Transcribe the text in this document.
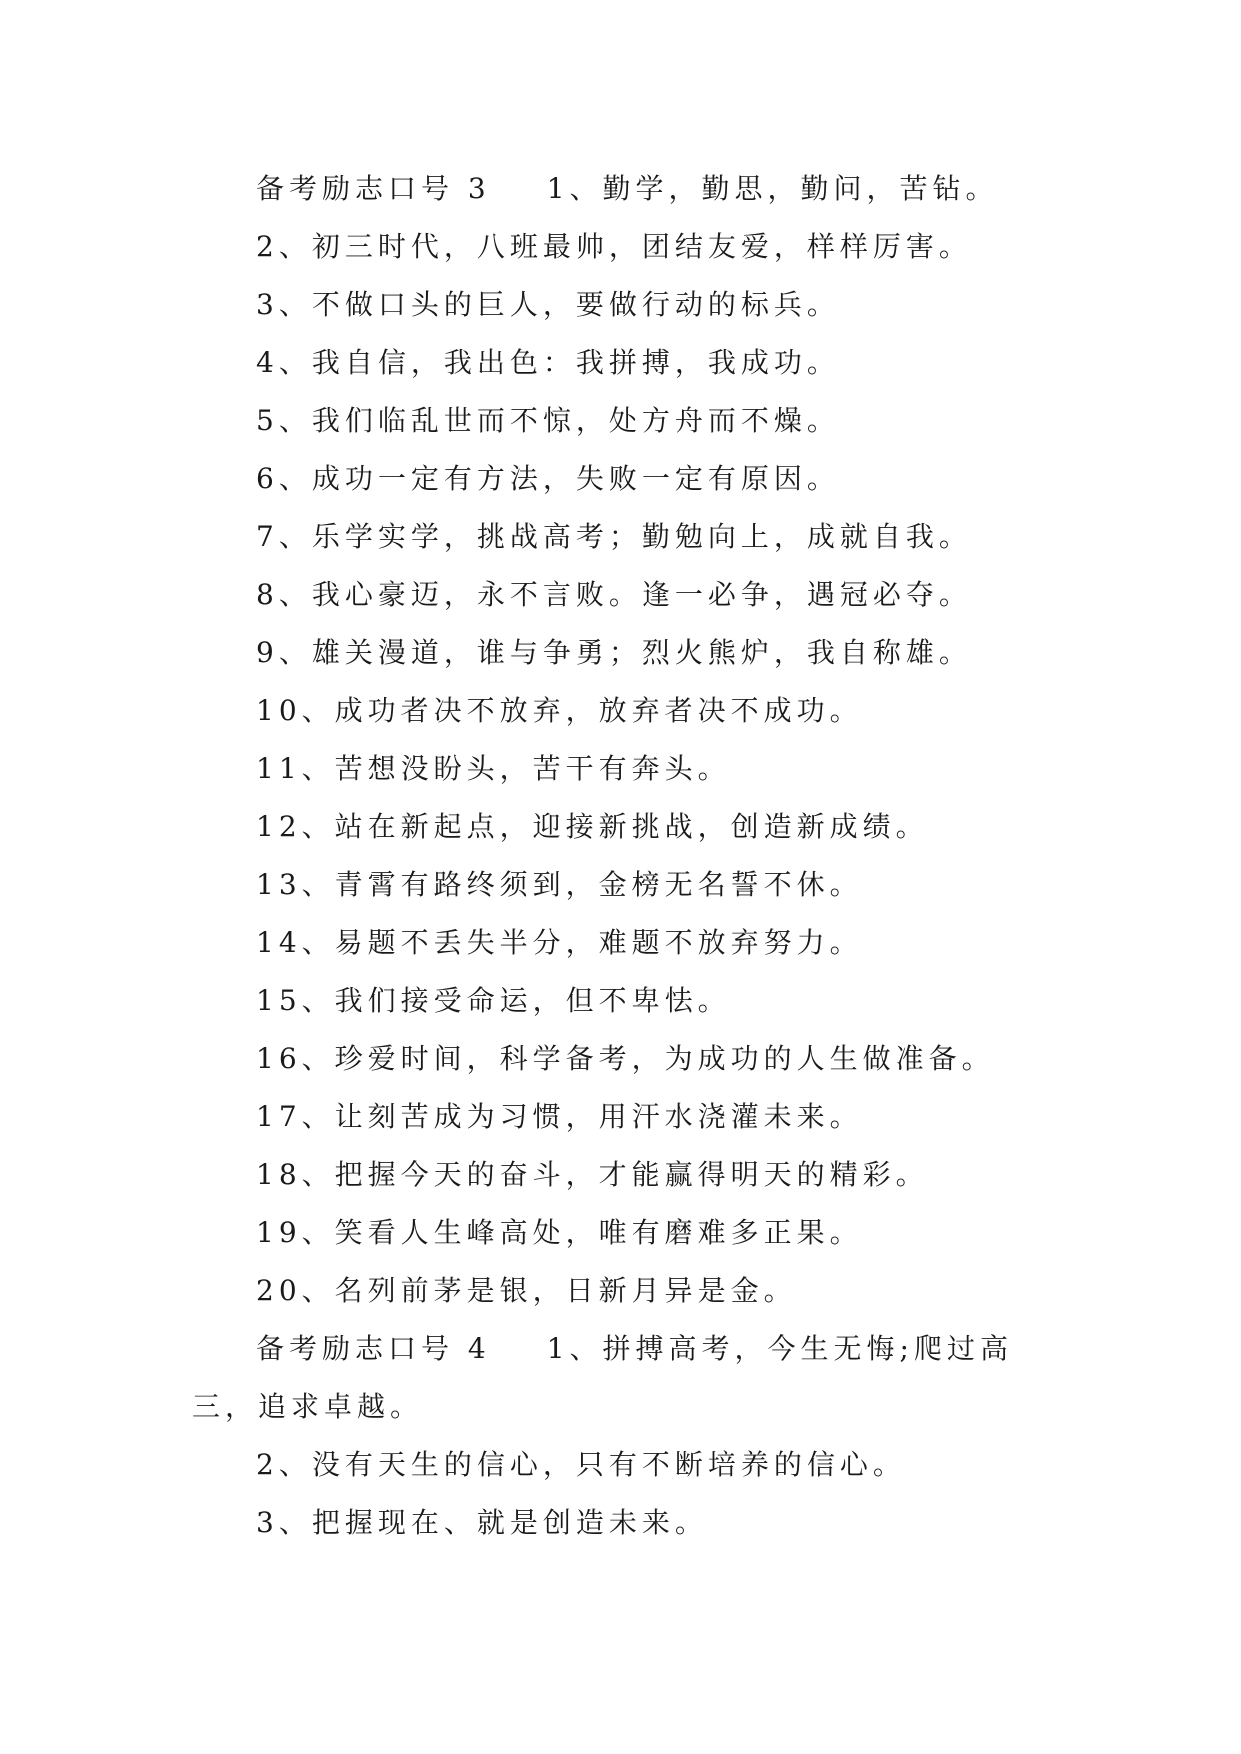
备考励志口号 3 1、勤学，勤思，勤问，苦钻。

2、初三时代，八班最帅，团结友爱，样样厉害。

3、不做口头的巨人，要做行动的标兵。

4、我自信，我出色：我拼搏，我成功。

5、我们临乱世而不惊，处方舟而不燥。

6、成功一定有方法，失败一定有原因。

7、乐学实学，挑战高考；勤勉向上，成就自我。

8、我心豪迈，永不言败。逢一必争，遇冠必夺。

9、雄关漫道，谁与争勇；烈火熊炉，我自称雄。

10、成功者决不放弃，放弃者决不成功。

11、苦想没盼头，苦干有奔头。

12、站在新起点，迎接新挑战，创造新成绩。

13、青霄有路终须到，金榜无名誓不休。

14、易题不丢失半分，难题不放弃努力。

15、我们接受命运，但不卑怯。

16、珍爱时间，科学备考，为成功的人生做准备。

17、让刻苦成为习惯，用汗水浇灌未来。

18、把握今天的奋斗，才能赢得明天的精彩。

19、笑看人生峰高处，唯有磨难多正果。

20、名列前茅是银，日新月异是金。

备考励志口号 4 1、拼搏高考，今生无悔;爬过高三，追求卓越。

2、没有天生的信心，只有不断培养的信心。

3、把握现在、就是创造未来。
